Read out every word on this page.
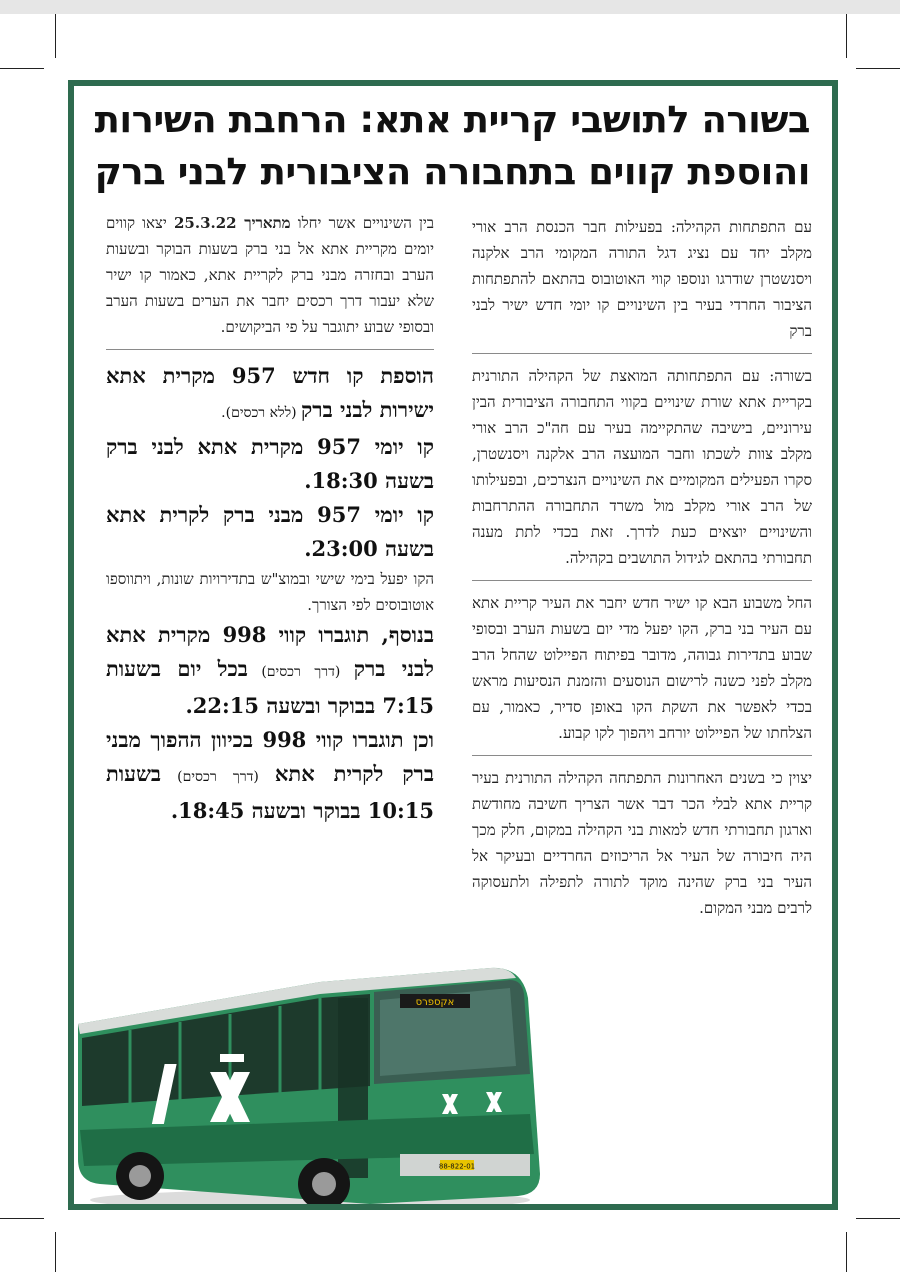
בשורה לתושבי קריית אתא: הרחבת השירות
והוספת קווים בתחבורה הציבורית לבני ברק

עם התפתחות הקהילה: בפעילות חבר הכנסת הרב אורי מקלב יחד עם נציג דגל התורה המקומי הרב אלקנה ויסנשטרן שודרגו ונוספו קווי האוטובוס בהתאם להתפתחות הציבור החרדי בעיר בין השינויים קו יומי חדש ישיר לבני ברק

בשורה: עם התפתחותה המואצת של הקהילה התורנית בקריית אתא שורת שינויים בקווי התחבורה הציבורית הבין עירוניים, בישיבה שהתקיימה בעיר עם חה"כ הרב אורי מקלב צוות לשכתו וחבר המועצה הרב אלקנה ויסנשטרן, סקרו הפעילים המקומיים את השינויים הנצרכים, ובפעילותו של הרב אורי מקלב מול משרד התחבורה ההתרחבות והשינויים יוצאים כעת לדרך. זאת בכדי לתת מענה תחבורתי בהתאם לגידול התושבים בקהילה.

החל משבוע הבא קו ישיר חדש יחבר את העיר קריית אתא עם העיר בני ברק, הקו יפעל מדי יום בשעות הערב ובסופי שבוע בתדירות גבוהה, מדובר בפיתוח הפיילוט שהחל הרב מקלב לפני כשנה לרישום הנוסעים והזמנת הנסיעות מראש בכדי לאפשר את השקת הקו באופן סדיר, כאמור, עם הצלחתו של הפיילוט יורחב ויהפוך לקו קבוע.

יצוין כי בשנים האחרונות התפתחה הקהילה התורנית בעיר קריית אתא לבלי הכר דבר אשר הצריך חשיבה מחודשת וארגון תחבורתי חדש למאות בני הקהילה במקום, חלק מכך היה חיבורה של העיר אל הריכוזים החרדיים ובעיקר אל העיר בני ברק שהינה מוקד לתורה לתפילה ולתעסוקה לרבים מבני המקום.

בין השינויים אשר יחלו מתאריך 25.3.22 יצאו קווים יומים מקריית אתא אל בני ברק בשעות הבוקר ובשעות הערב ובחזרה מבני ברק לקריית אתא, כאמור קו ישיר שלא יעבור דרך רכסים יחבר את הערים בשעות הערב ובסופי שבוע יתוגבר על פי הביקושים.

הוספת קו חדש 957 מקרית אתא ישירות לבני ברק (ללא רכסים).

קו יומי 957 מקרית אתא לבני ברק בשעה 18:30.

קו יומי 957 מבני ברק לקרית אתא בשעה 23:00.

הקו יפעל בימי שישי ובמוצ"ש בתדירויות שונות, ויתווספו אוטובוסים לפי הצורך.

בנוסף, תוגברו קווי 998 מקרית אתא לבני ברק (דרך רכסים) בכל יום בשעות 7:15 בבוקר ובשעה 22:15.

וכן תוגברו קווי 998 בכיוון ההפוך מבני ברק לקרית אתא (דרך רכסים) בשעות 10:15 בבוקר ובשעה 18:45.

אקספרס
88-822-01
